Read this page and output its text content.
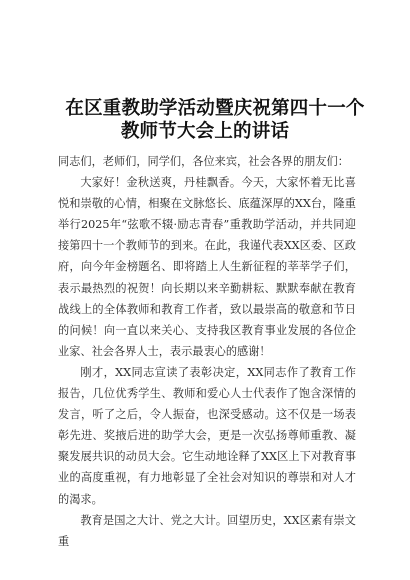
在区重教助学活动暨庆祝第四十一个
教师节大会上的讲话

同志们，老师们，同学们，各位来宾，社会各界的朋友们：

大家好！金秋送爽，丹桂飘香。今天，大家怀着无比喜悦和崇敬的心情，相聚在文脉悠长、底蕴深厚的XX台，隆重举行2025年“弦歌不辍·励志青春”重教助学活动，并共同迎接第四十一个教师节的到来。在此，我谨代表XX区委、区政府，向今年金榜题名、即将踏上人生新征程的莘莘学子们，表示最热烈的祝贺！向长期以来辛勤耕耘、默默奉献在教育战线上的全体教师和教育工作者，致以最崇高的敬意和节日的问候！向一直以来关心、支持我区教育事业发展的各位企业家、社会各界人士，表示最衷心的感谢！

刚才，XX同志宣读了表彰决定，XX同志作了教育工作报告，几位优秀学生、教师和爱心人士代表作了饱含深情的发言，听了之后，令人振奋，也深受感动。这不仅是一场表彰先进、奖掖后进的助学大会，更是一次弘扬尊师重教、凝聚发展共识的动员大会。它生动地诠释了XX区上下对教育事业的高度重视，有力地彰显了全社会对知识的尊崇和对人才的渴求。

教育是国之大计、党之大计。回望历史，XX区素有崇文重
